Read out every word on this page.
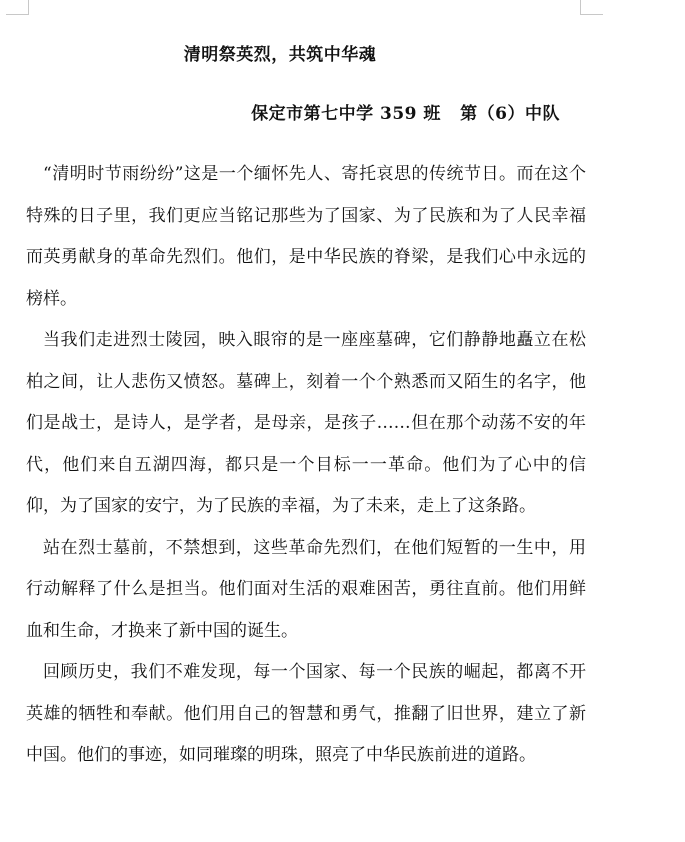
清明祭英烈，共筑中华魂
保定市第七中学 359 班   第（6）中队

“清明时节雨纷纷”这是一个缅怀先人、寄托哀思的传统节日。而在这个特殊的日子里，我们更应当铭记那些为了国家、为了民族和为了人民幸福而英勇献身的革命先烈们。他们，是中华民族的脊梁，是我们心中永远的榜样。

当我们走进烈士陵园，映入眼帘的是一座座墓碑，它们静静地矗立在松柏之间，让人悲伤又愤怒。墓碑上，刻着一个个熟悉而又陌生的名字，他们是战士，是诗人，是学者，是母亲，是孩子……但在那个动荡不安的年代，他们来自五湖四海，都只是一个目标一一革命。他们为了心中的信仰，为了国家的安宁，为了民族的幸福，为了未来，走上了这条路。

站在烈士墓前，不禁想到，这些革命先烈们，在他们短暂的一生中，用行动解释了什么是担当。他们面对生活的艰难困苦，勇往直前。他们用鲜血和生命，才换来了新中国的诞生。

回顾历史，我们不难发现，每一个国家、每一个民族的崛起，都离不开英雄的牺牲和奉献。他们用自己的智慧和勇气，推翻了旧世界，建立了新中国。他们的事迹，如同璀璨的明珠，照亮了中华民族前进的道路。
